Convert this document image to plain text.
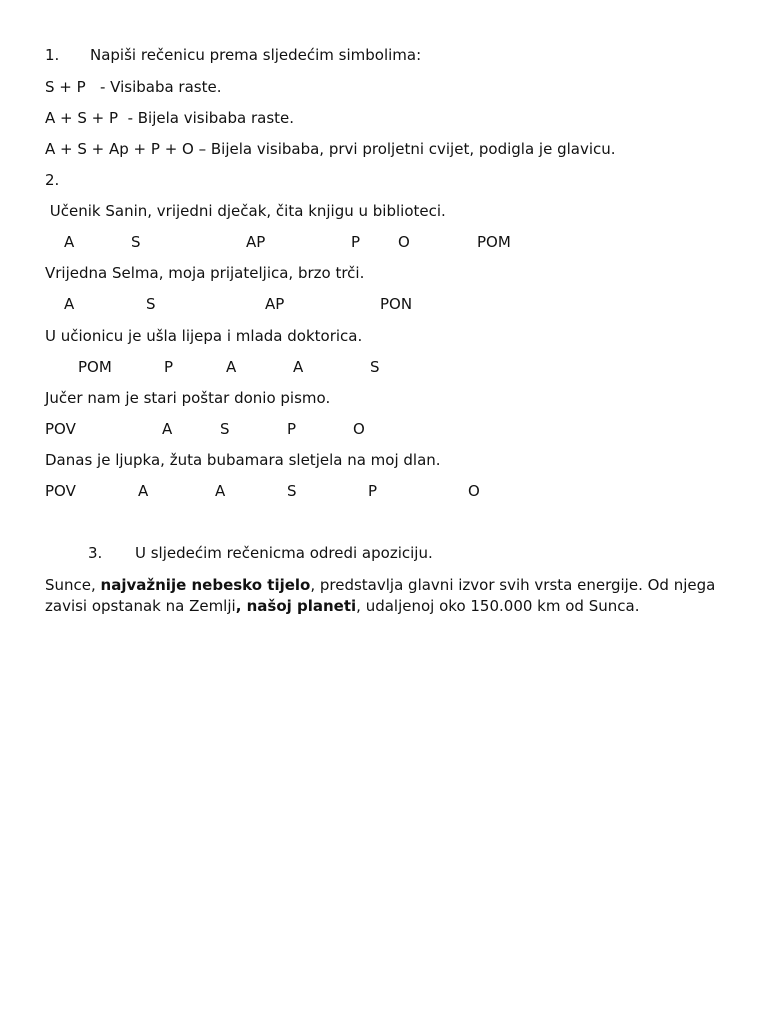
1. Napiši rečenicu prema sljedećim simbolima:
S + P   - Visibaba raste.
A + S + P  - Bijela visibaba raste.
A + S + Ap + P + O – Bijela visibaba, prvi proljetni cvijet, podigla je glavicu.
2.
Učenik Sanin, vrijedni dječak, čita knjigu u biblioteci.
A	S	AP	P	O	POM
Vrijedna Selma, moja prijateljica, brzo trči.
A	S	AP	PON
U učionicu je ušla lijepa i mlada doktorica.
POM	P	A	A	S
Jučer nam je stari poštar donio pismo.
POV	A	S	P	O
Danas je ljupka, žuta bubamara sletjela na moj dlan.
POV	A	A	S	P	O
3. U sljedećim rečenicma odredi apoziciju.
Sunce, najvažnije nebesko tijelo, predstavlja glavni izvor svih vrsta energije. Od njega zavisi opstanak na Zemlji, našoj planeti, udaljenoj oko 150.000 km od Sunca.
